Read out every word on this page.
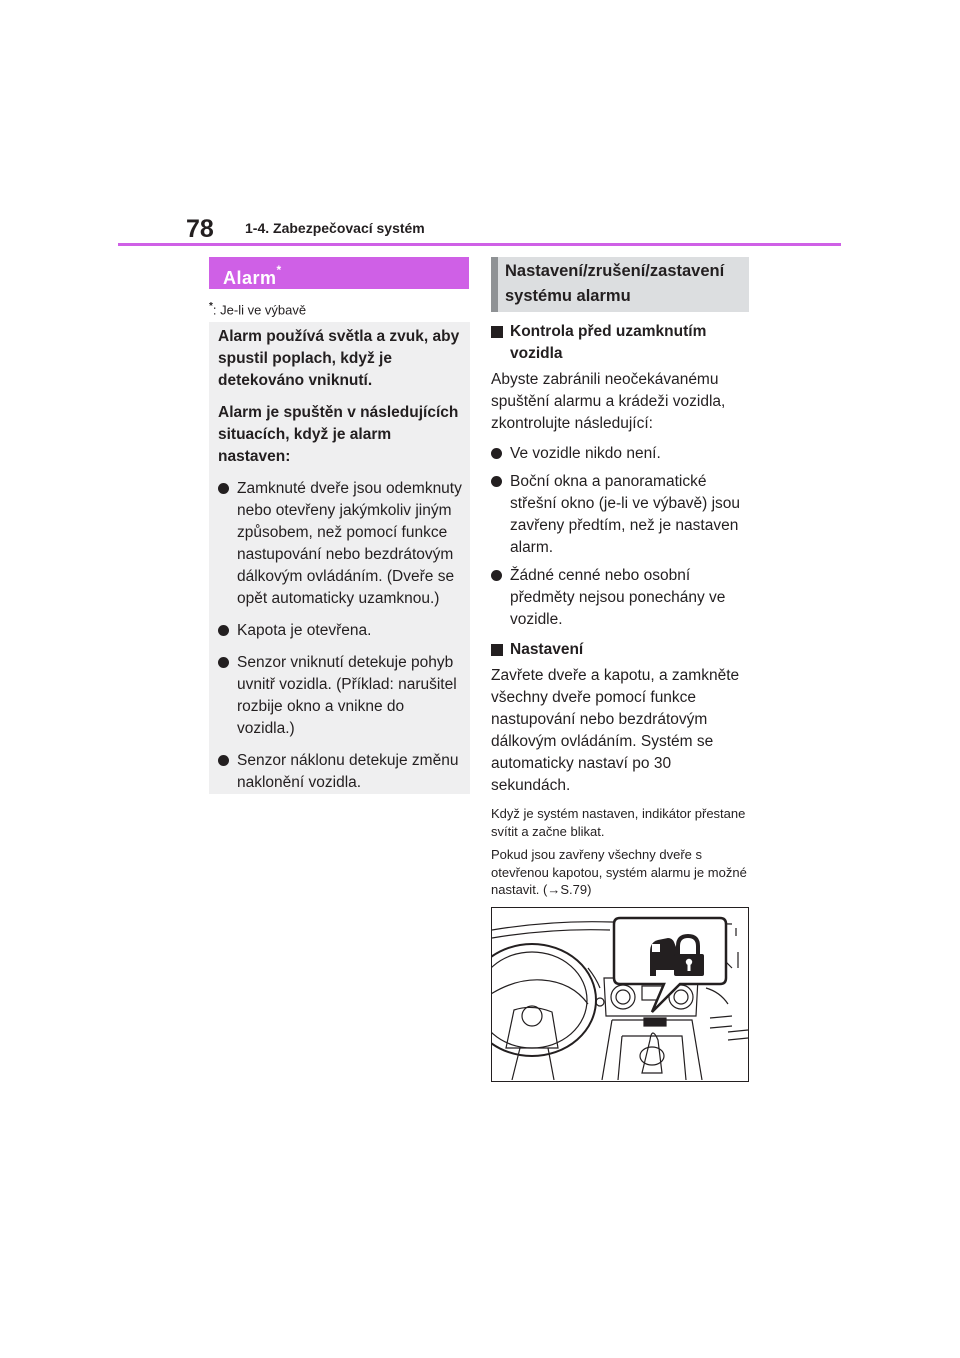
78 1-4. Zabezpečovací systém
Alarm*
*: Je-li ve výbavě

Alarm používá světla a zvuk, aby spustil poplach, když je detekováno vniknutí.

Alarm je spuštěn v následujících situacích, když je alarm nastaven:

Zamknuté dveře jsou odemknuty nebo otevřeny jakýmkoliv jiným způsobem, než pomocí funkce nastupování nebo bezdrátovým dálkovým ovládáním. (Dveře se opět automaticky uzamknou.)
Kapota je otevřena.
Senzor vniknutí detekuje pohyb uvnitř vozidla. (Příklad: narušitel rozbije okno a vnikne do vozidla.)
Senzor náklonu detekuje změnu naklonění vozidla.
Nastavení/zrušení/zastavení systému alarmu

Kontrola před uzamknutím vozidla

Abyste zabránili neočekávanému spuštění alarmu a krádeži vozidla, zkontrolujte následující:

Ve vozidle nikdo není.
Boční okna a panoramatické střešní okno (je-li ve výbavě) jsou zavřeny předtím, než je nastaven alarm.
Žádné cenné nebo osobní předměty nejsou ponechány ve vozidle.

Nastavení

Zavřete dveře a kapotu, a zamkněte všechny dveře pomocí funkce nastupování nebo bezdrátovým dálkovým ovládáním. Systém se automaticky nastaví po 30 sekundách.

Když je systém nastaven, indikátor přestane svítit a začne blikat.

Pokud jsou zavřeny všechny dveře s otevřenou kapotou, systém alarmu je možné nastavit. (→S.79)
